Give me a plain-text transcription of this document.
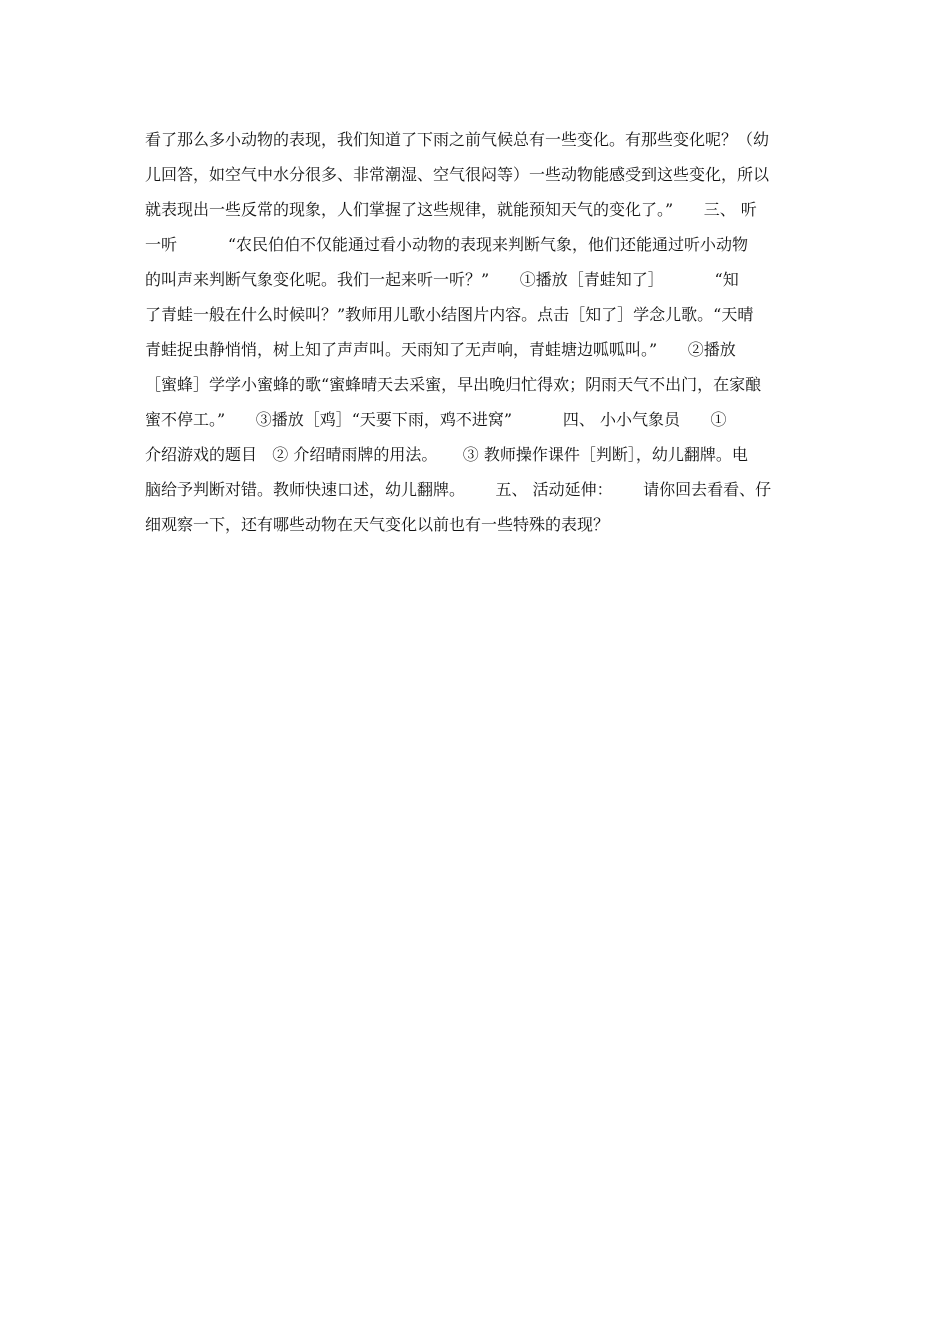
看了那么多小动物的表现，我们知道了下雨之前气候总有一些变化。有那些变化呢？（幼
儿回答，如空气中水分很多、非常潮湿、空气很闷等）一些动物能感受到这些变化，所以
就表现出一些反常的现象，人们掌握了这些规律，就能预知天气的变化了。”      三、 听
一听          “农民伯伯不仅能通过看小动物的表现来判断气象，他们还能通过听小动物
的叫声来判断气象变化呢。我们一起来听一听？”      ①播放［青蛙知了］          “知
了青蛙一般在什么时候叫？”教师用儿歌小结图片内容。点击［知了］学念儿歌。“天晴
青蛙捉虫静悄悄，树上知了声声叫。天雨知了无声响，青蛙塘边呱呱叫。”      ②播放
［蜜蜂］学学小蜜蜂的歌“蜜蜂晴天去采蜜，早出晚归忙得欢；阴雨天气不出门，在家酿
蜜不停工。”      ③播放［鸡］“天要下雨，鸡不进窝”          四、 小小气象员      ①
介绍游戏的题目   ② 介绍晴雨牌的用法。     ③ 教师操作课件［判断］，幼儿翻牌。电
脑给予判断对错。教师快速口述，幼儿翻牌。      五、 活动延伸：      请你回去看看、仔
细观察一下，还有哪些动物在天气变化以前也有一些特殊的表现？
